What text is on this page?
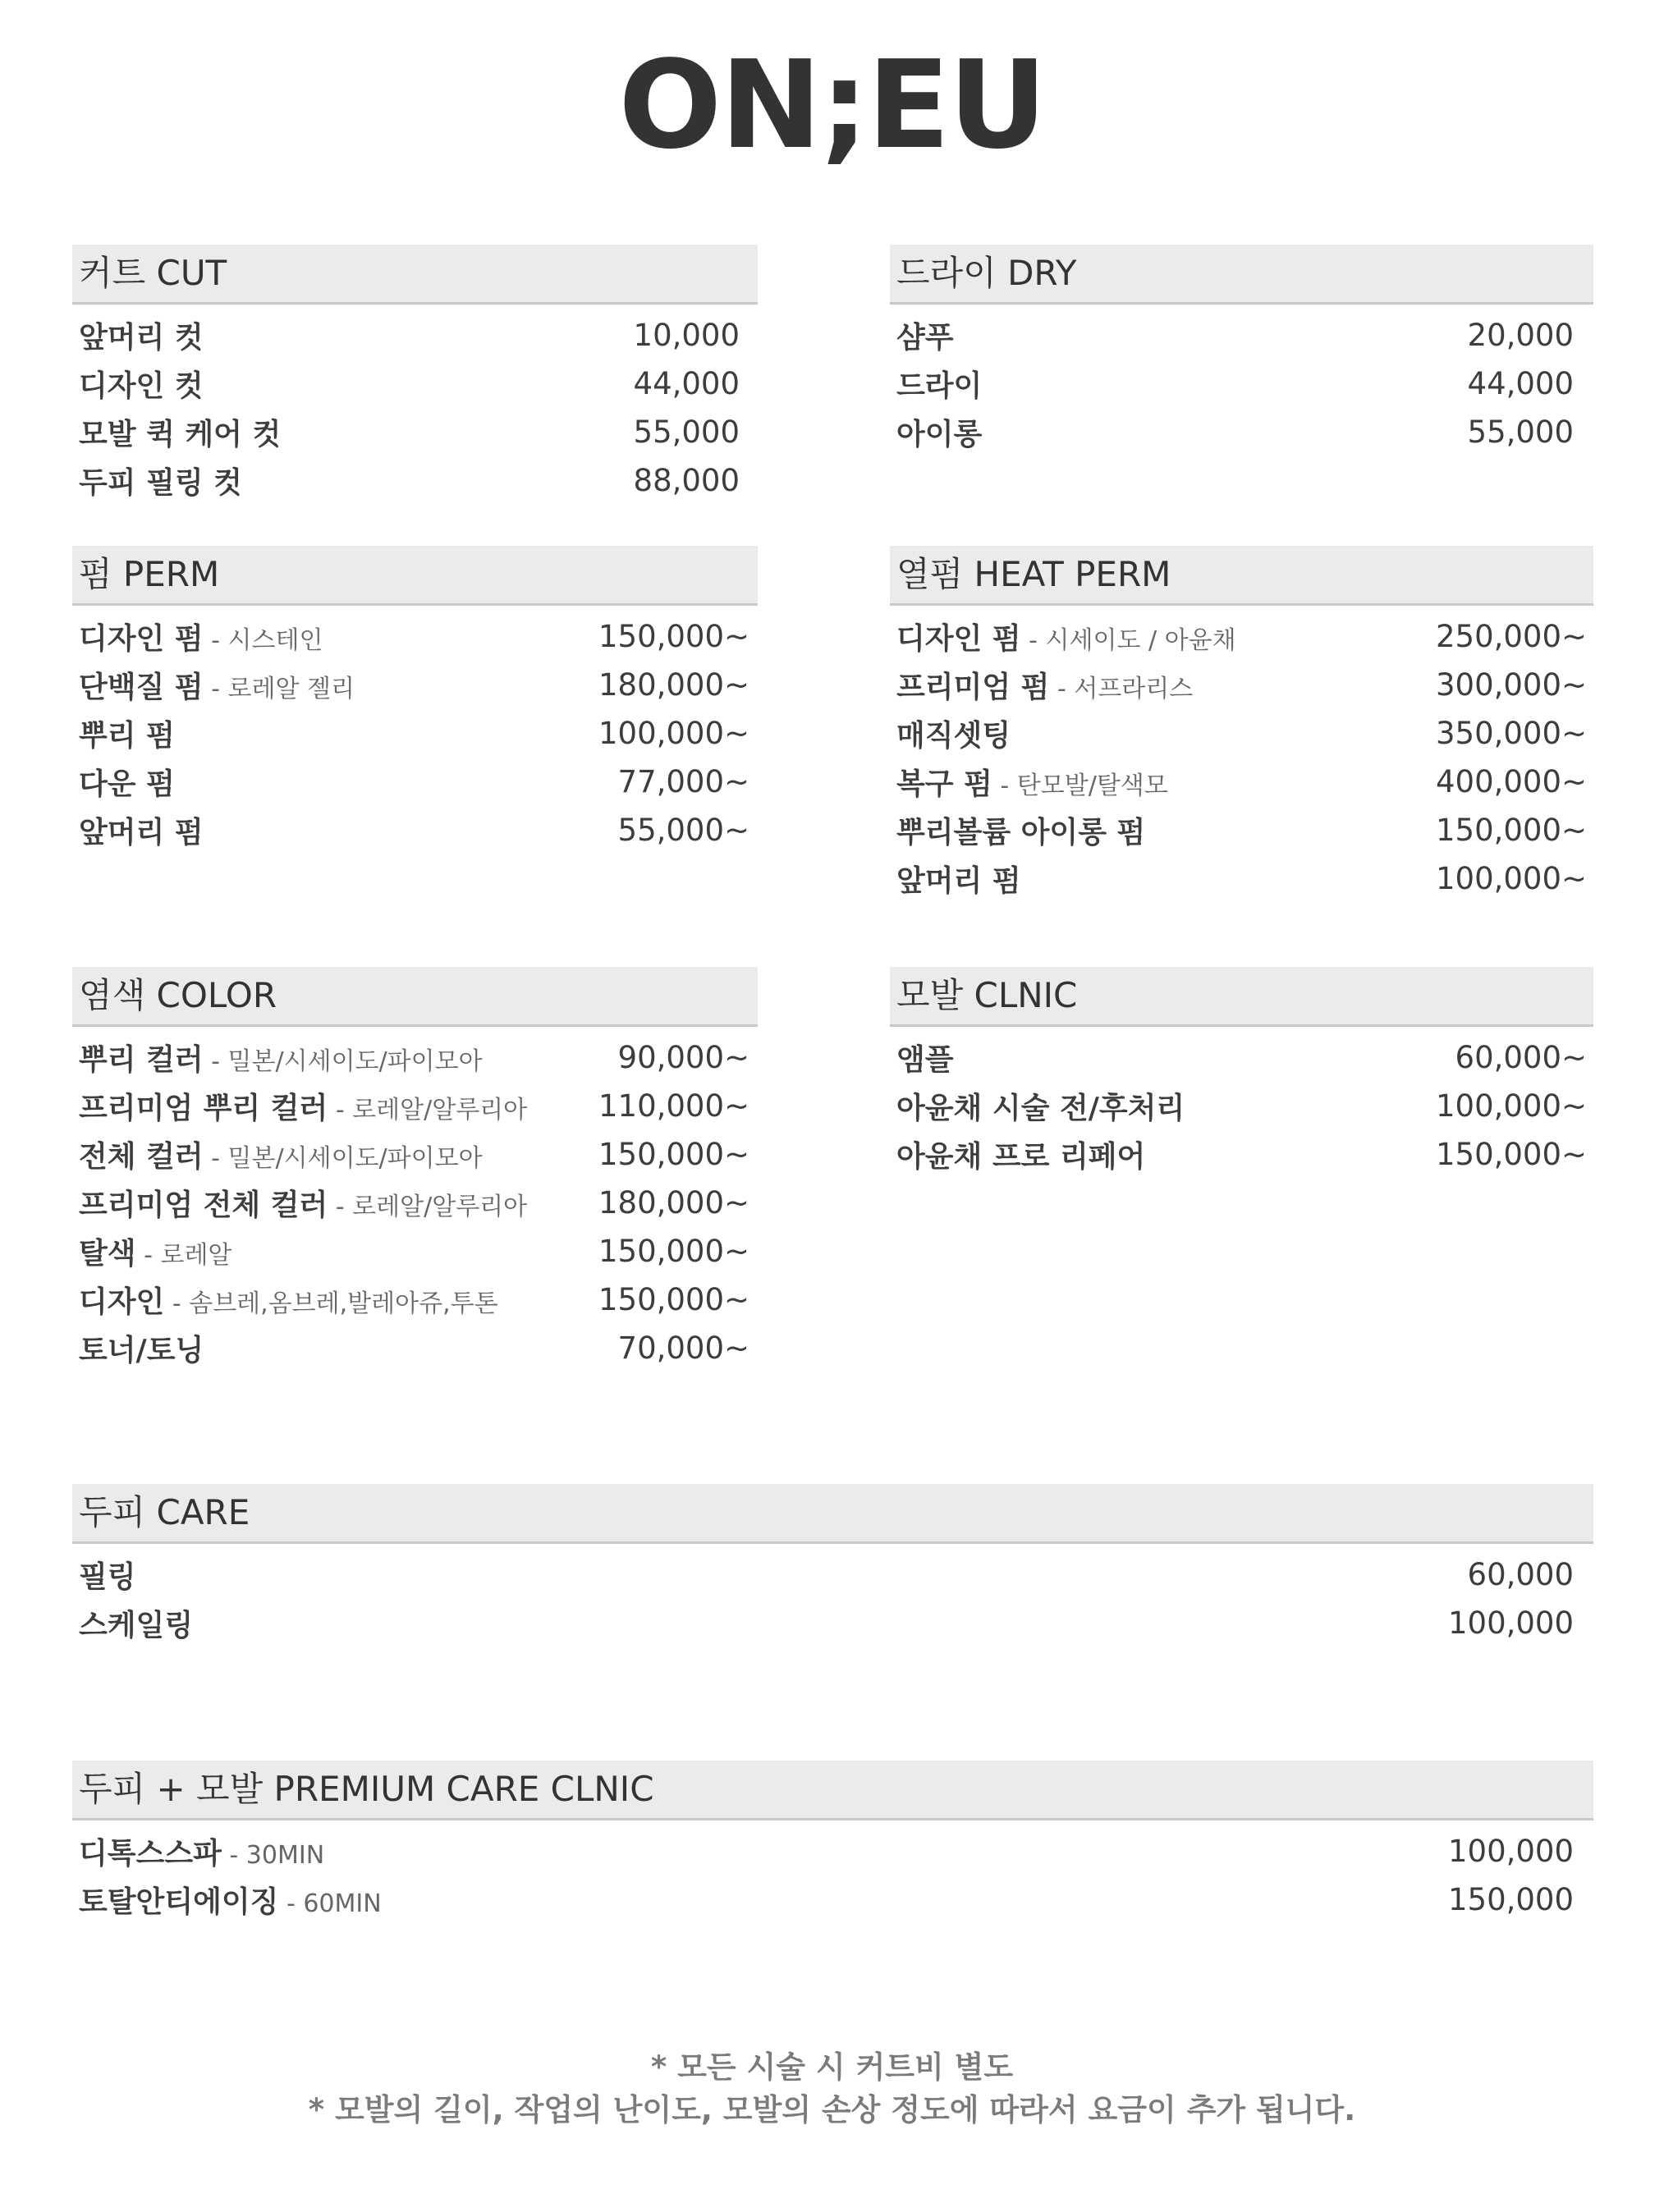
ON;EU
커트 CUT
앞머리 컷	10,000
디자인 컷	44,000
모발 퀵 케어 컷	55,000
두피 필링 컷	88,000
드라이 DRY
샴푸	20,000
드라이	44,000
아이롱	55,000
펌 PERM
디자인 펌 - 시스테인	150,000~
단백질 펌 - 로레알 젤리	180,000~
뿌리 펌	100,000~
다운 펌	77,000~
앞머리 펌	55,000~
열펌 HEAT PERM
디자인 펌 - 시세이도 / 아윤채	250,000~
프리미엄 펌 - 서프라리스	300,000~
매직셋팅	350,000~
복구 펌 - 탄모발/탈색모	400,000~
뿌리볼륨 아이롱 펌	150,000~
앞머리 펌	100,000~
염색 COLOR
뿌리 컬러 - 밀본/시세이도/파이모아	90,000~
프리미엄 뿌리 컬러 - 로레알/알루리아 110,000~
전체 컬러 - 밀본/시세이도/파이모아	150,000~
프리미엄 전체 컬러 - 로레알/알루리아 180,000~
탈색 - 로레알	150,000~
디자인 - 솜브레,옴브레,발레아쥬,투톤	150,000~
토너/토닝	70,000~
모발 CLNIC
앰플	60,000~
아윤채 시술 전/후처리	100,000~
아윤채 프로 리페어	150,000~
두피 CARE
필링	60,000
스케일링	100,000
두피 + 모발 PREMIUM CARE CLNIC
디톡스스파 - 30MIN	100,000
토탈안티에이징 - 60MIN	150,000
* 모든 시술 시 커트비 별도
* 모발의 길이, 작업의 난이도, 모발의 손상 정도에 따라서 요금이 추가 됩니다.
